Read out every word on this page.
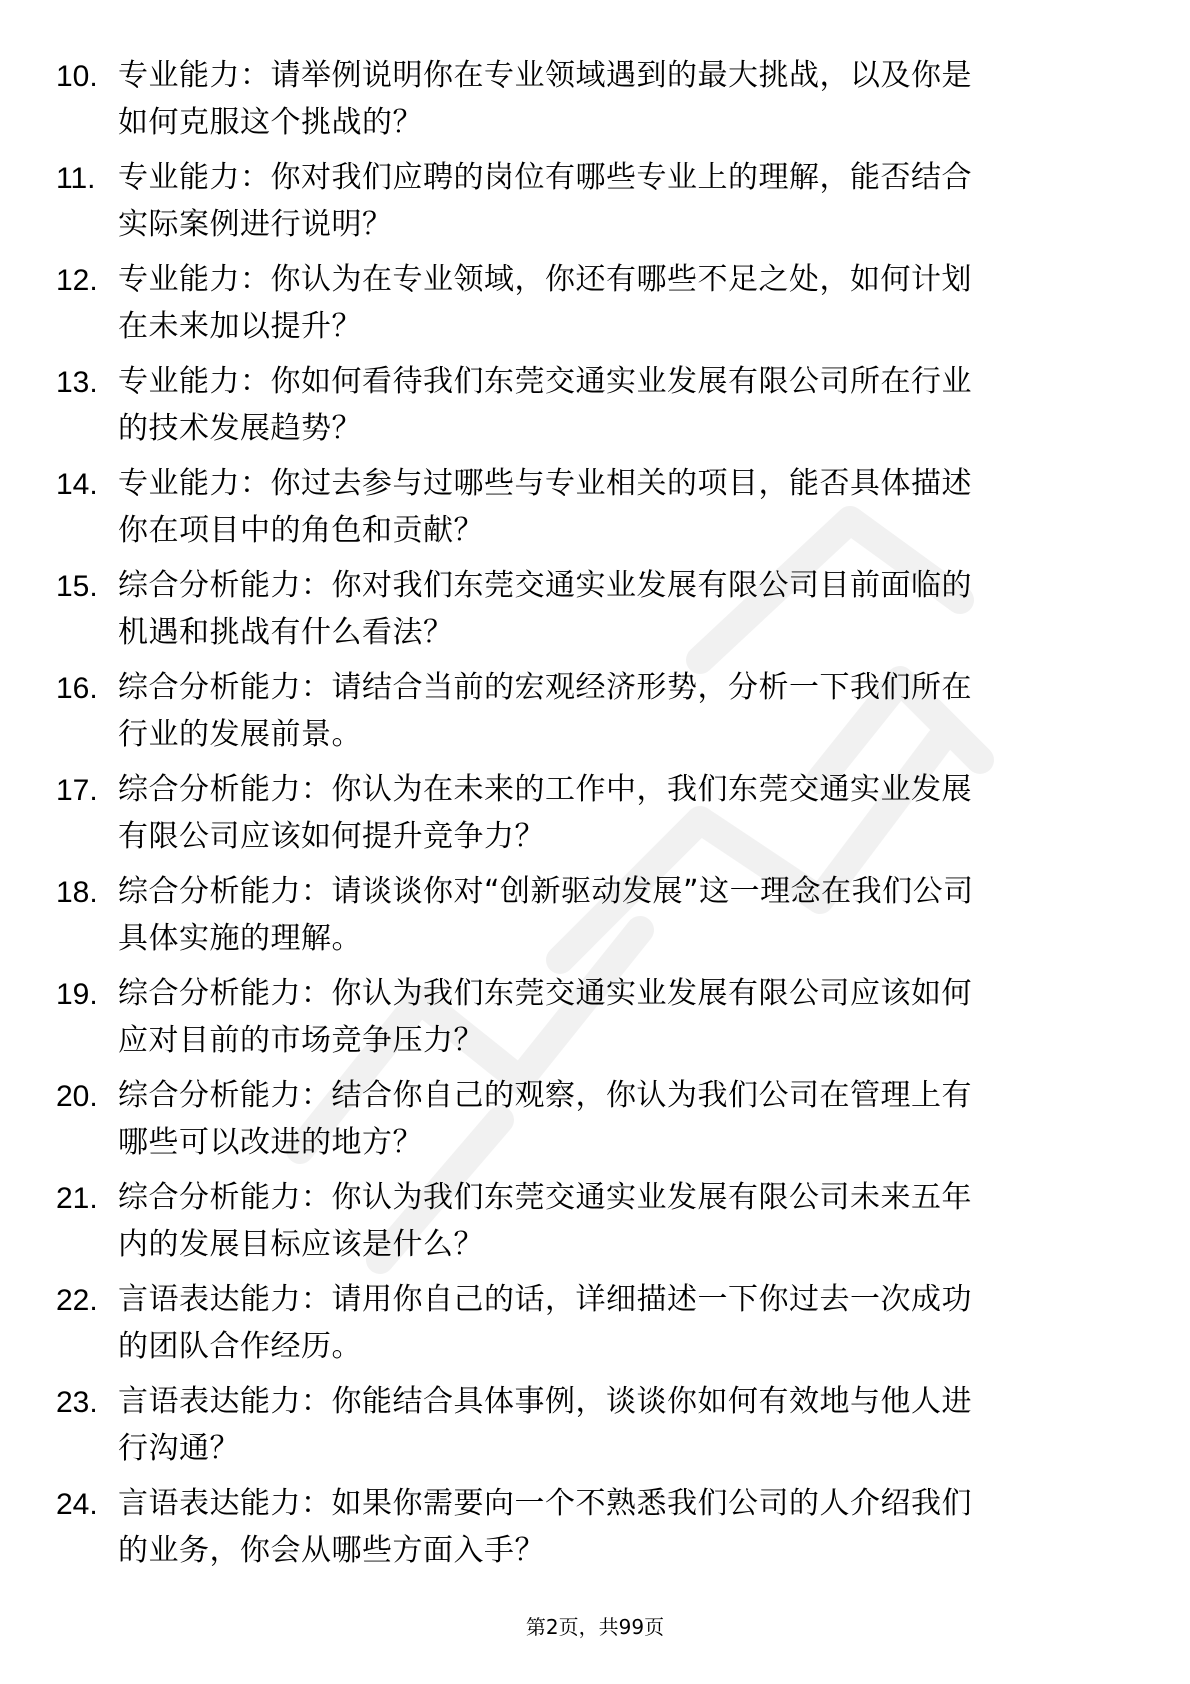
10. 专业能力：请举例说明你在专业领域遇到的最大挑战，以及你是
如何克服这个挑战的？
11. 专业能力：你对我们应聘的岗位有哪些专业上的理解，能否结合
实际案例进行说明？
12. 专业能力：你认为在专业领域，你还有哪些不足之处，如何计划
在未来加以提升？
13. 专业能力：你如何看待我们东莞交通实业发展有限公司所在行业
的技术发展趋势？
14. 专业能力：你过去参与过哪些与专业相关的项目，能否具体描述
你在项目中的角色和贡献？
15. 综合分析能力：你对我们东莞交通实业发展有限公司目前面临的
机遇和挑战有什么看法？
16. 综合分析能力：请结合当前的宏观经济形势，分析一下我们所在
行业的发展前景。
17. 综合分析能力：你认为在未来的工作中，我们东莞交通实业发展
有限公司应该如何提升竞争力？
18. 综合分析能力：请谈谈你对“创新驱动发展”这一理念在我们公司
具体实施的理解。
19. 综合分析能力：你认为我们东莞交通实业发展有限公司应该如何
应对目前的市场竞争压力？
20. 综合分析能力：结合你自己的观察，你认为我们公司在管理上有
哪些可以改进的地方？
21. 综合分析能力：你认为我们东莞交通实业发展有限公司未来五年
内的发展目标应该是什么？
22. 言语表达能力：请用你自己的话，详细描述一下你过去一次成功
的团队合作经历。
23. 言语表达能力：你能结合具体事例，谈谈你如何有效地与他人进
行沟通？
24. 言语表达能力：如果你需要向一个不熟悉我们公司的人介绍我们
的业务，你会从哪些方面入手？
第2页，共99页
